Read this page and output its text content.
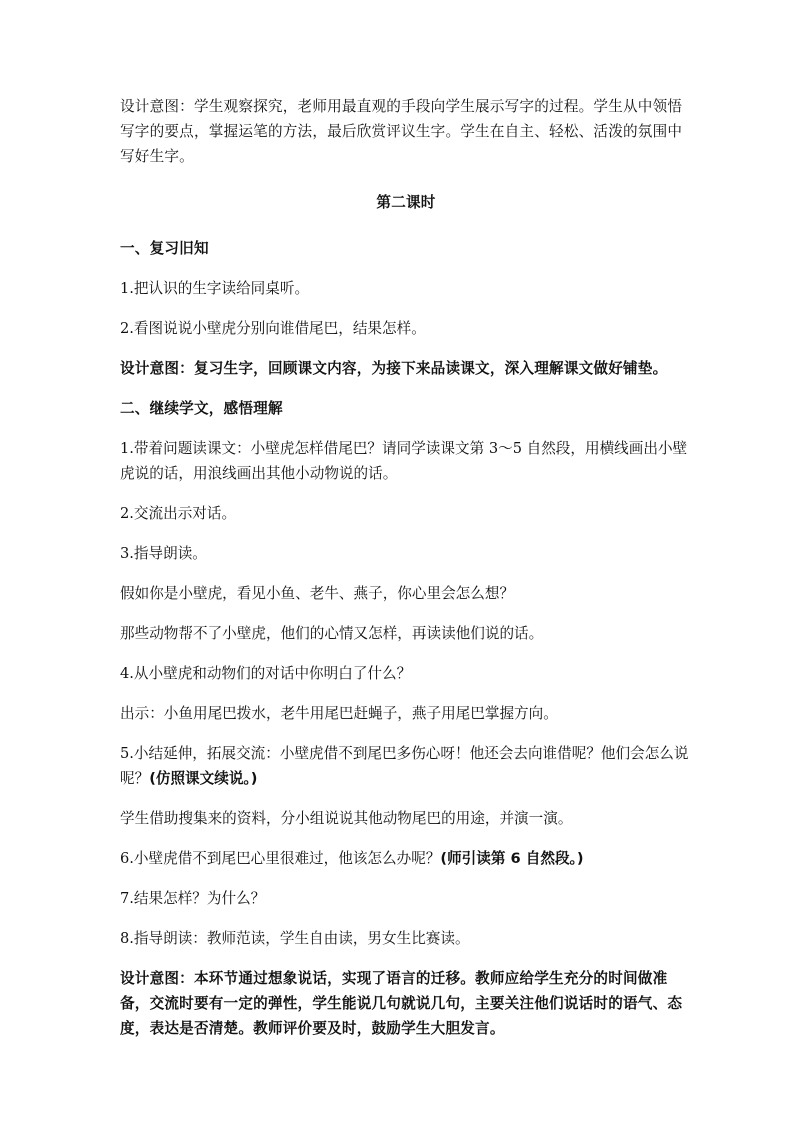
设计意图：学生观察探究，老师用最直观的手段向学生展示写字的过程。学生从中领悟写字的要点，掌握运笔的方法，最后欣赏评议生字。学生在自主、轻松、活泼的氛围中写好生字。

第二课时

一、复习旧知

1.把认识的生字读给同桌听。

2.看图说说小壁虎分别向谁借尾巴，结果怎样。

设计意图：复习生字，回顾课文内容，为接下来品读课文，深入理解课文做好铺垫。

二、继续学文，感悟理解

1.带着问题读课文：小壁虎怎样借尾巴？请同学读课文第 3～5 自然段，用横线画出小壁虎说的话，用浪线画出其他小动物说的话。

2.交流出示对话。

3.指导朗读。

假如你是小壁虎，看见小鱼、老牛、燕子，你心里会怎么想？

那些动物帮不了小壁虎，他们的心情又怎样，再读读他们说的话。

4.从小壁虎和动物们的对话中你明白了什么？

出示：小鱼用尾巴拨水，老牛用尾巴赶蝇子，燕子用尾巴掌握方向。

5.小结延伸，拓展交流：小壁虎借不到尾巴多伤心呀！他还会去向谁借呢？他们会怎么说呢？(仿照课文续说。)

学生借助搜集来的资料，分小组说说其他动物尾巴的用途，并演一演。

6.小壁虎借不到尾巴心里很难过，他该怎么办呢？(师引读第 6 自然段。)

7.结果怎样？为什么？

8.指导朗读：教师范读，学生自由读，男女生比赛读。

设计意图：本环节通过想象说话，实现了语言的迁移。教师应给学生充分的时间做准备，交流时要有一定的弹性，学生能说几句就说几句，主要关注他们说话时的语气、态度，表达是否清楚。教师评价要及时，鼓励学生大胆发言。
